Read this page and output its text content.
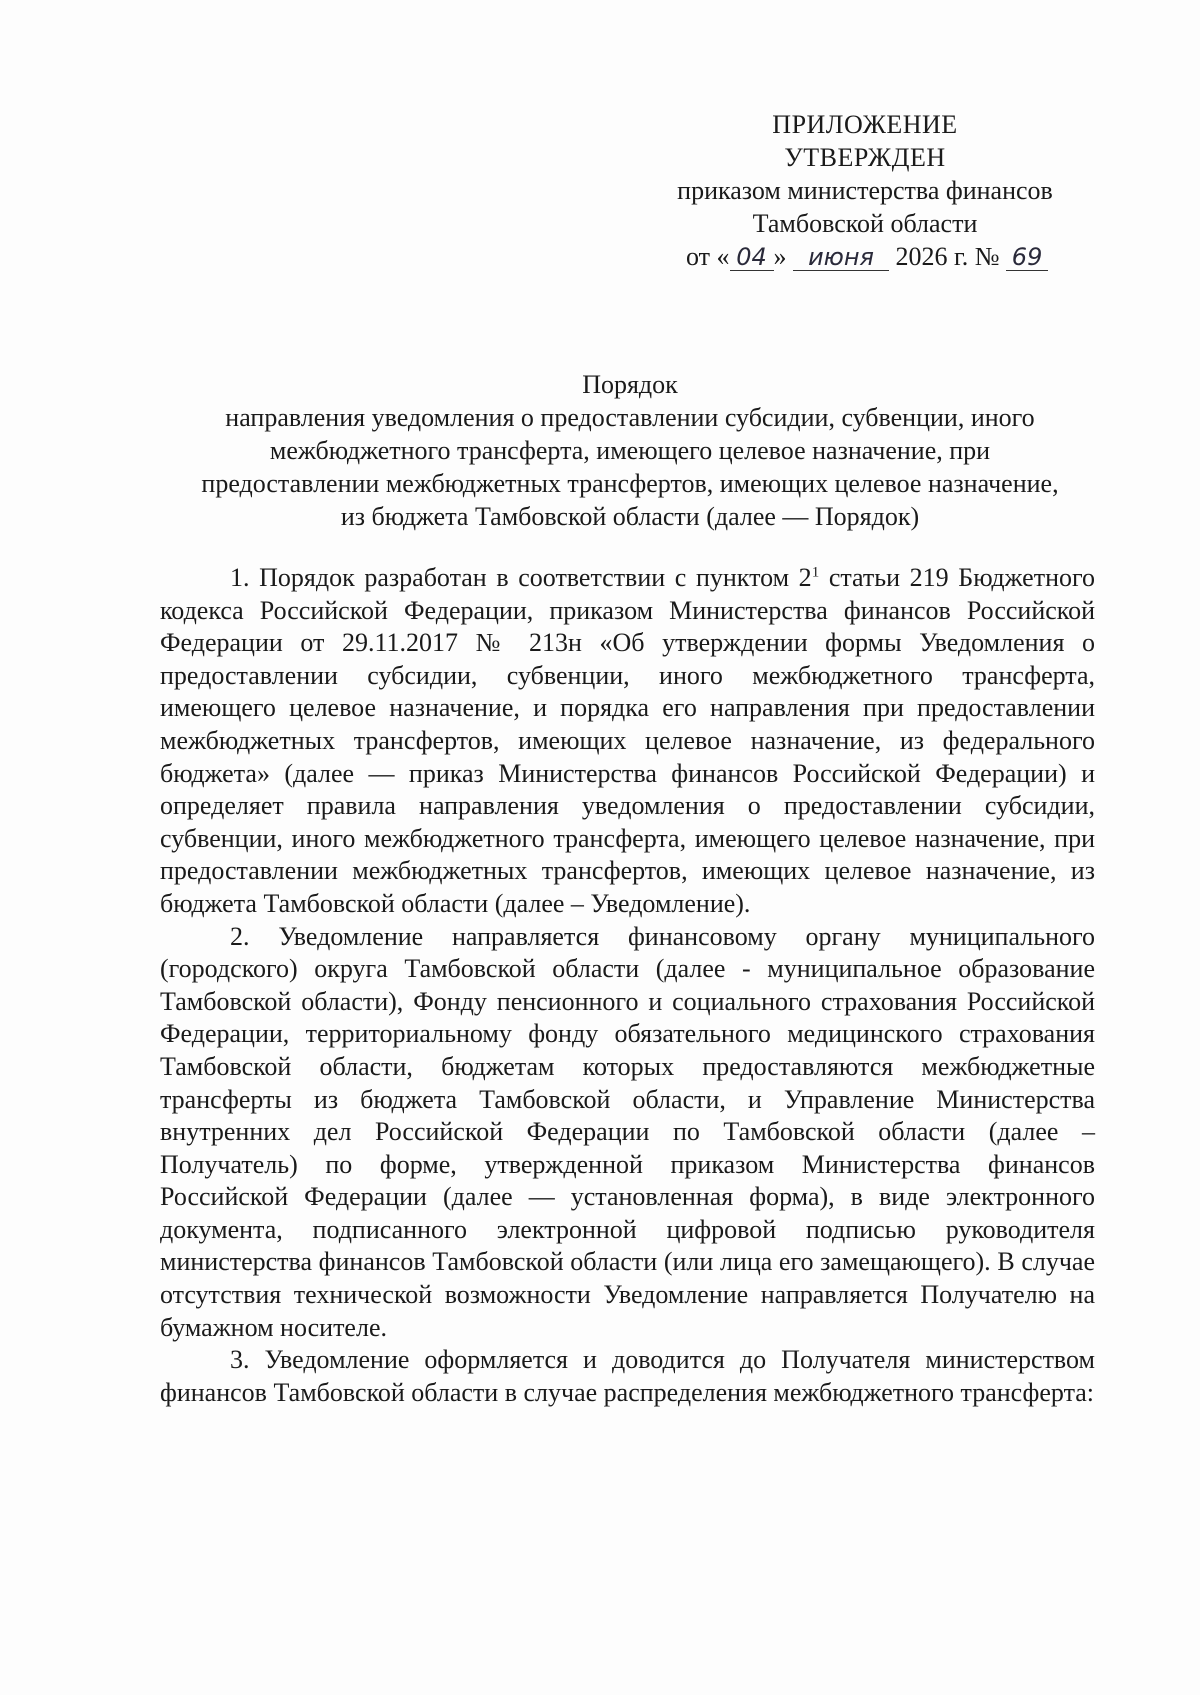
ПРИЛОЖЕНИЕ
УТВЕРЖДЕН
приказом министерства финансов
Тамбовской области
от « 04 » июня 2026 г. № 69
Порядок
направления уведомления о предоставлении субсидии, субвенции, иного
межбюджетного трансферта, имеющего целевое назначение, при
предоставлении межбюджетных трансфертов, имеющих целевое назначение,
из бюджета Тамбовской области (далее — Порядок)

1. Порядок разработан в соответствии с пунктом $2^1$ статьи 219 Бюджетного кодекса Российской Федерации, приказом Министерства финансов Российской Федерации от 29.11.2017 № 213н «Об утверждении формы Уведомления о предоставлении субсидии, субвенции, иного межбюджетного трансферта, имеющего целевое назначение, и порядка его направления при предоставлении межбюджетных трансфертов, имеющих целевое назначение, из федерального бюджета» (далее — приказ Министерства финансов Российской Федерации) и определяет правила направления уведомления о предоставлении субсидии, субвенции, иного межбюджетного трансферта, имеющего целевое назначение, при предоставлении межбюджетных трансфертов, имеющих целевое назначение, из бюджета Тамбовской области (далее – Уведомление).

2. Уведомление направляется финансовому органу муниципального (городского) округа Тамбовской области (далее - муниципальное образование Тамбовской области), Фонду пенсионного и социального страхования Российской Федерации, территориальному фонду обязательного медицинского страхования Тамбовской области, бюджетам которых предоставляются межбюджетные трансферты из бюджета Тамбовской области, и Управление Министерства внутренних дел Российской Федерации по Тамбовской области (далее – Получатель) по форме, утвержденной приказом Министерства финансов Российской Федерации (далее — установленная форма), в виде электронного документа, подписанного электронной цифровой подписью руководителя министерства финансов Тамбовской области (или лица его замещающего). В случае отсутствия технической возможности Уведомление направляется Получателю на бумажном носителе.

3. Уведомление оформляется и доводится до Получателя министерством финансов Тамбовской области в случае распределения межбюджетного трансферта:
